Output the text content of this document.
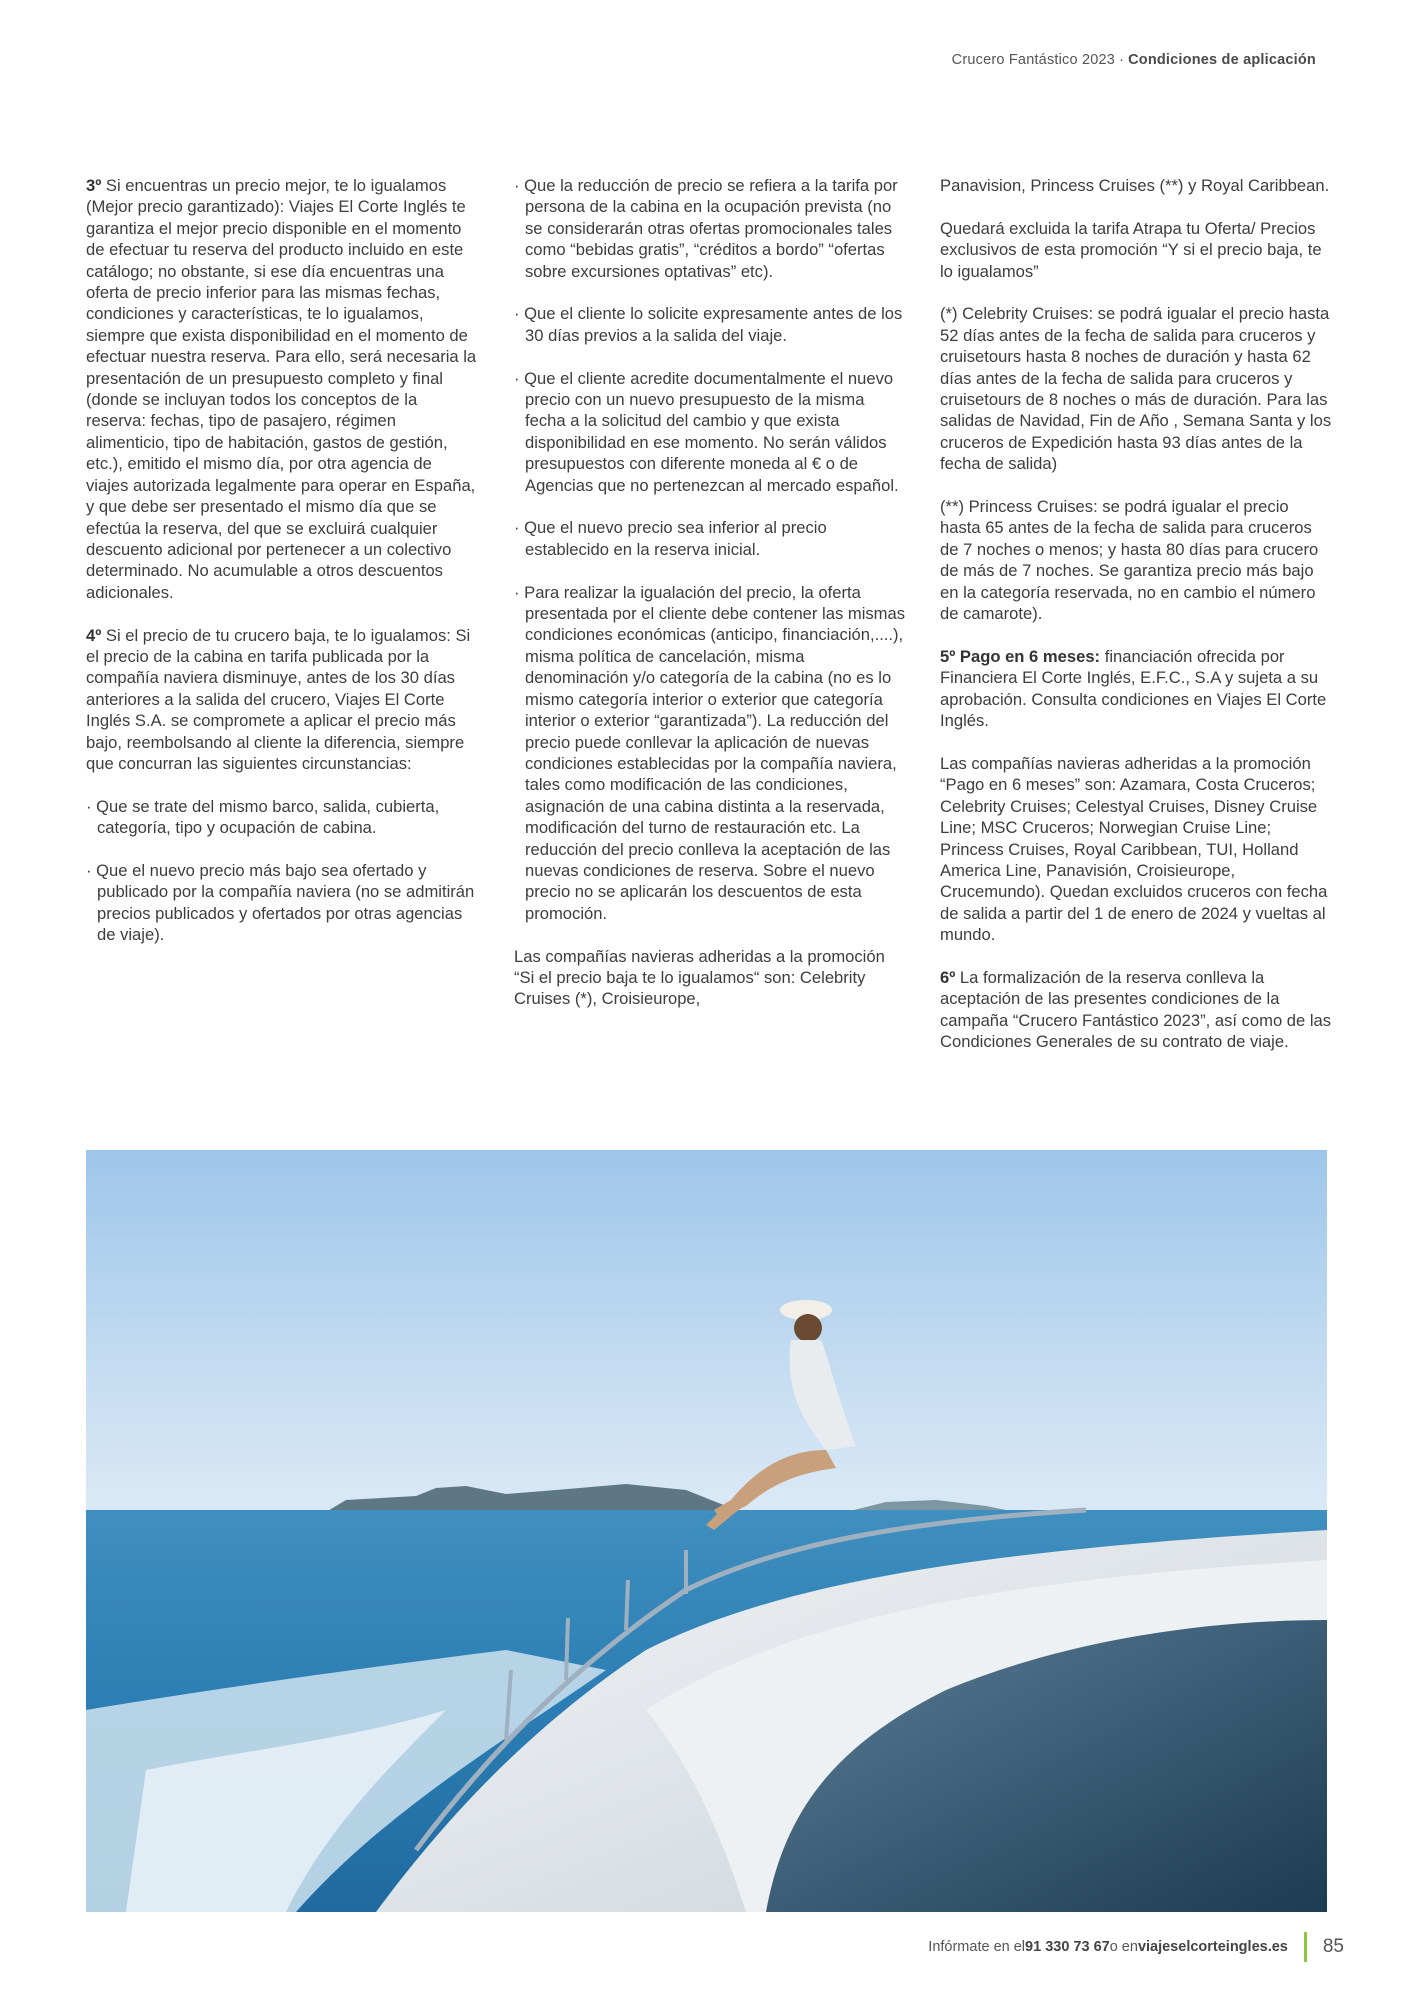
Crucero Fantástico 2023 · Condiciones de aplicación

3º Si encuentras un precio mejor, te lo igualamos (Mejor precio garantizado): Viajes El Corte Inglés te garantiza el mejor precio disponible en el momento de efectuar tu reserva del producto incluido en este catálogo; no obstante, si ese día encuentras una oferta de precio inferior para las mismas fechas, condiciones y características, te lo igualamos, siempre que exista disponibilidad en el momento de efectuar nuestra reserva. Para ello, será necesaria la presentación de un presupuesto completo y final (donde se incluyan todos los conceptos de la reserva: fechas, tipo de pasajero, régimen alimenticio, tipo de habitación, gastos de gestión, etc.), emitido el mismo día, por otra agencia de viajes autorizada legalmente para operar en España, y que debe ser presentado el mismo día que se efectúa la reserva, del que se excluirá cualquier descuento adicional por pertenecer a un colectivo determinado. No acumulable a otros descuentos adicionales.

4º Si el precio de tu crucero baja, te lo igualamos: Si el precio de la cabina en tarifa publicada por la compañía naviera disminuye, antes de los 30 días anteriores a la salida del crucero, Viajes El Corte Inglés S.A. se compromete a aplicar el precio más bajo, reembolsando al cliente la diferencia, siempre que concurran las siguientes circunstancias:

· Que se trate del mismo barco, salida, cubierta, categoría, tipo y ocupación de cabina.

· Que el nuevo precio más bajo sea ofertado y publicado por la compañía naviera (no se admitirán precios publicados y ofertados por otras agencias de viaje).

· Que la reducción de precio se refiera a la tarifa por persona de la cabina en la ocupación prevista (no se considerarán otras ofertas promocionales tales como “bebidas gratis”, “créditos a bordo” “ofertas sobre excursiones optativas” etc).

· Que el cliente lo solicite expresamente antes de los 30 días previos a la salida del viaje.

· Que el cliente acredite documentalmente el nuevo precio con un nuevo presupuesto de la misma fecha a la solicitud del cambio y que exista disponibilidad en ese momento. No serán válidos presupuestos con diferente moneda al € o de Agencias que no pertenezcan al mercado español.

· Que el nuevo precio sea inferior al precio establecido en la reserva inicial.

· Para realizar la igualación del precio, la oferta presentada por el cliente debe contener las mismas condiciones económicas (anticipo, financiación,....), misma política de cancelación, misma denominación y/o categoría de la cabina (no es lo mismo categoría interior o exterior que categoría interior o exterior “garantizada”). La reducción del precio puede conllevar la aplicación de nuevas condiciones establecidas por la compañía naviera, tales como modificación de las condiciones, asignación de una cabina distinta a la reservada, modificación del turno de restauración etc. La reducción del precio conlleva la aceptación de las nuevas condiciones de reserva. Sobre el nuevo precio no se aplicarán los descuentos de esta promoción.

Las compañías navieras adheridas a la promoción “Si el precio baja te lo igualamos“ son: Celebrity Cruises (*), Croisieurope,

Panavision, Princess Cruises (**) y Royal Caribbean.

Quedará excluida la tarifa Atrapa tu Oferta/ Precios exclusivos de esta promoción “Y si el precio baja, te lo igualamos”

(*) Celebrity Cruises: se podrá igualar el precio hasta 52 días antes de la fecha de salida para cruceros y cruisetours hasta 8 noches de duración y hasta 62 días antes de la fecha de salida para cruceros y cruisetours de 8 noches o más de duración. Para las salidas de Navidad, Fin de Año , Semana Santa y los cruceros de Expedición hasta 93 días antes de la fecha de salida)

(**) Princess Cruises: se podrá igualar el precio hasta 65 antes de la fecha de salida para cruceros de 7 noches o menos; y hasta 80 días para crucero de más de 7 noches. Se garantiza precio más bajo en la categoría reservada, no en cambio el número de camarote).

5º Pago en 6 meses: financiación ofrecida por Financiera El Corte Inglés, E.F.C., S.A y sujeta a su aprobación. Consulta condiciones en Viajes El Corte Inglés.

Las compañías navieras adheridas a la promoción “Pago en 6 meses” son: Azamara, Costa Cruceros; Celebrity Cruises; Celestyal Cruises, Disney Cruise Line; MSC Cruceros; Norwegian Cruise Line; Princess Cruises, Royal Caribbean, TUI, Holland America Line, Panavisión, Croisieurope, Crucemundo). Quedan excluidos cruceros con fecha de salida a partir del 1 de enero de 2024 y vueltas al mundo.

6º La formalización de la reserva conlleva la aceptación de las presentes condiciones de la campaña “Crucero Fantástico 2023”, así como de las Condiciones Generales de su contrato de viaje.

Infórmate en el 91 330 73 67 o en viajeselcorteingles.es 85
